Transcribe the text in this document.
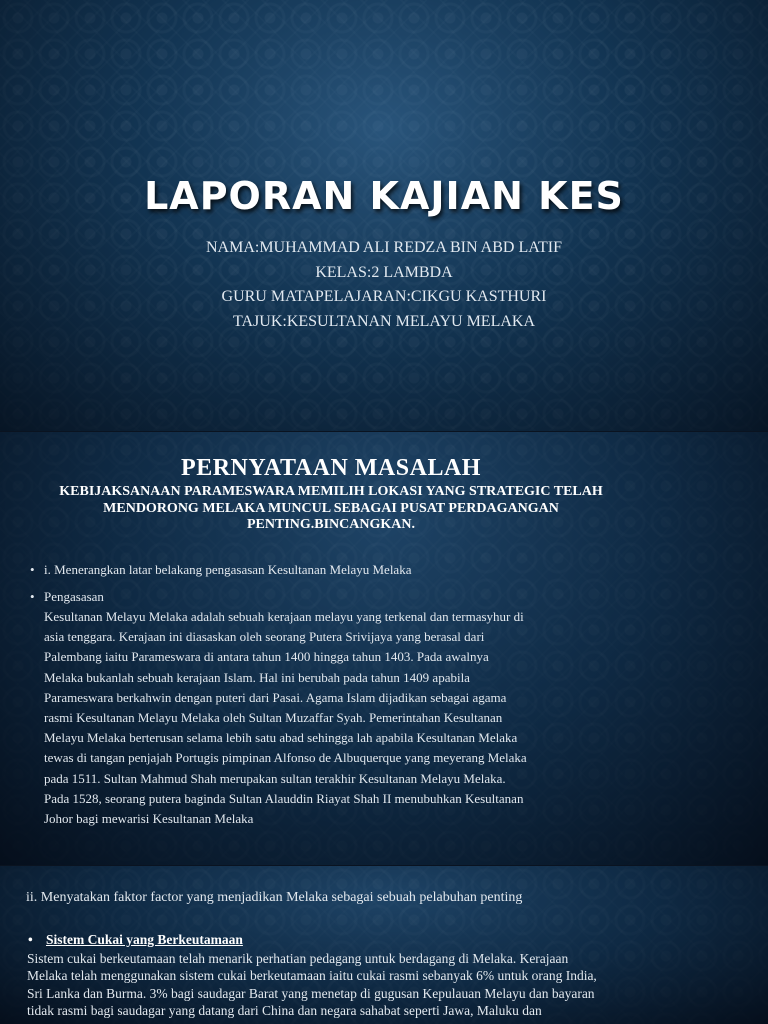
LAPORAN KAJIAN KES
NAMA:MUHAMMAD ALI REDZA BIN ABD LATIF
KELAS:2 LAMBDA
GURU MATAPELAJARAN:CIKGU KASTHURI
TAJUK:KESULTANAN MELAYU MELAKA
PERNYATAAN MASALAH
KEBIJAKSANAAN PARAMESWARA MEMILIH LOKASI YANG STRATEGIC TELAH MENDORONG MELAKA MUNCUL SEBAGAI PUSAT PERDAGANGAN PENTING.BINCANGKAN.
• i. Menerangkan latar belakang pengasasan Kesultanan Melayu Melaka
• Pengasasan
Kesultanan Melayu Melaka adalah sebuah kerajaan melayu yang terkenal dan termasyhur di
asia tenggara. Kerajaan ini diasaskan oleh seorang Putera Srivijaya yang berasal dari
Palembang iaitu Parameswara di antara tahun 1400 hingga tahun 1403. Pada awalnya
Melaka bukanlah sebuah kerajaan Islam. Hal ini berubah pada tahun 1409 apabila
Parameswara berkahwin dengan puteri dari Pasai. Agama Islam dijadikan sebagai agama
rasmi Kesultanan Melayu Melaka oleh Sultan Muzaffar Syah. Pemerintahan Kesultanan
Melayu Melaka berterusan selama lebih satu abad sehingga lah apabila Kesultanan Melaka
tewas di tangan penjajah Portugis pimpinan Alfonso de Albuquerque yang meyerang Melaka
pada 1511. Sultan Mahmud Shah merupakan sultan terakhir Kesultanan Melayu Melaka.
Pada 1528, seorang putera baginda Sultan Alauddin Riayat Shah II menubuhkan Kesultanan
Johor bagi mewarisi Kesultanan Melaka
ii. Menyatakan faktor factor yang menjadikan Melaka sebagai sebuah pelabuhan penting
• Sistem Cukai yang Berkeutamaan
Sistem cukai berkeutamaan telah menarik perhatian pedagang untuk berdagang di Melaka. Kerajaan
Melaka telah menggunakan sistem cukai berkeutamaan iaitu cukai rasmi sebanyak 6% untuk orang India,
Sri Lanka dan Burma. 3% bagi saudagar Barat yang menetap di gugusan Kepulauan Melayu dan bayaran
tidak rasmi bagi saudagar yang datang dari China dan negara sahabat seperti Jawa, Maluku dan
